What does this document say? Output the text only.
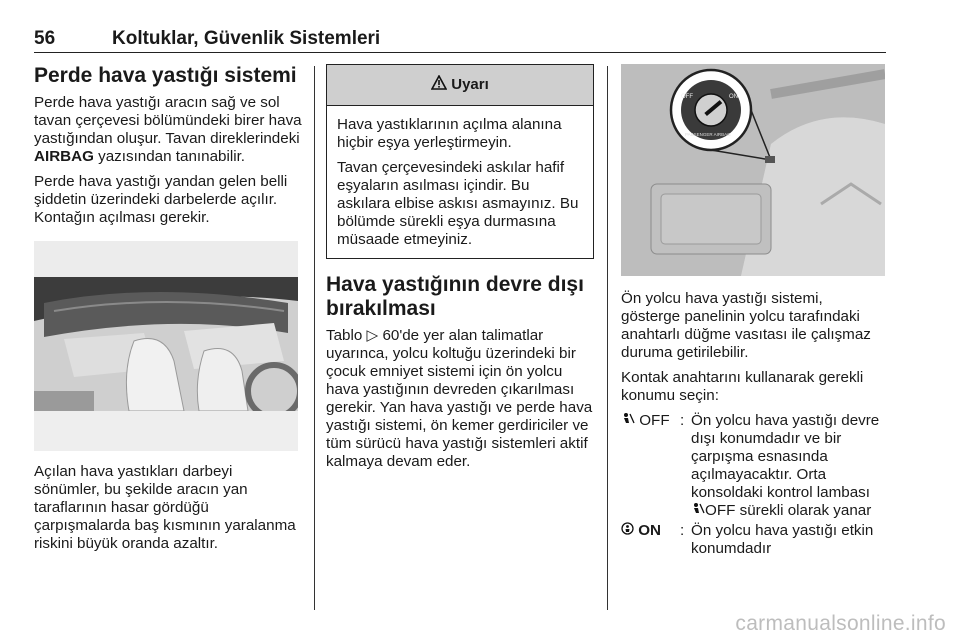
56	Koltuklar, Güvenlik Sistemleri
Perde hava yastığı sistemi

Perde hava yastığı aracın sağ ve sol tavan çerçevesi bölümündeki birer hava yastığından oluşur. Tavan direklerindeki AIRBAG yazısından tanınabilir.

Perde hava yastığı yandan gelen belli şiddetin üzerindeki darbelerde açılır. Kontağın açılması gerekir.

Açılan hava yastıkları darbeyi sönümler, bu şekilde aracın yan taraflarının hasar gördüğü çarpışmalarda baş kısmının yaralanma riskini büyük oranda azaltır.

Uyarı

Hava yastıklarının açılma alanına hiçbir eşya yerleştirmeyin.

Tavan çerçevesindeki askılar hafif eşyaların asılması içindir. Bu askılara elbise askısı asmayınız. Bu bölümde sürekli eşya durmasına müsaade etmeyiniz.

Hava yastığının devre dışı bırakılması

Tablo ▷ 60'de yer alan talimatlar uyarınca, yolcu koltuğu üzerindeki bir çocuk emniyet sistemi için ön yolcu hava yastığının devreden çıkarılması gerekir. Yan hava yastığı ve perde hava yastığı sistemi, ön kemer gerdiriciler ve tüm sürücü hava yastığı sistemleri aktif kalmaya devam eder.

OFF	ON
PASSENGER AIRBAG

Ön yolcu hava yastığı sistemi, gösterge panelinin yolcu tarafındaki anahtarlı düğme vasıtası ile çalışmaz duruma getirilebilir.

Kontak anahtarını kullanarak gerekli konumu seçin:

OFF : Ön yolcu hava yastığı devre dışı konumdadır ve bir çarpışma esnasında açılmayacaktır. Orta konsoldaki kontrol lambası OFF sürekli olarak yanar
ON	: Ön yolcu hava yastığı etkin konumdadır
carmanualsonline.info
